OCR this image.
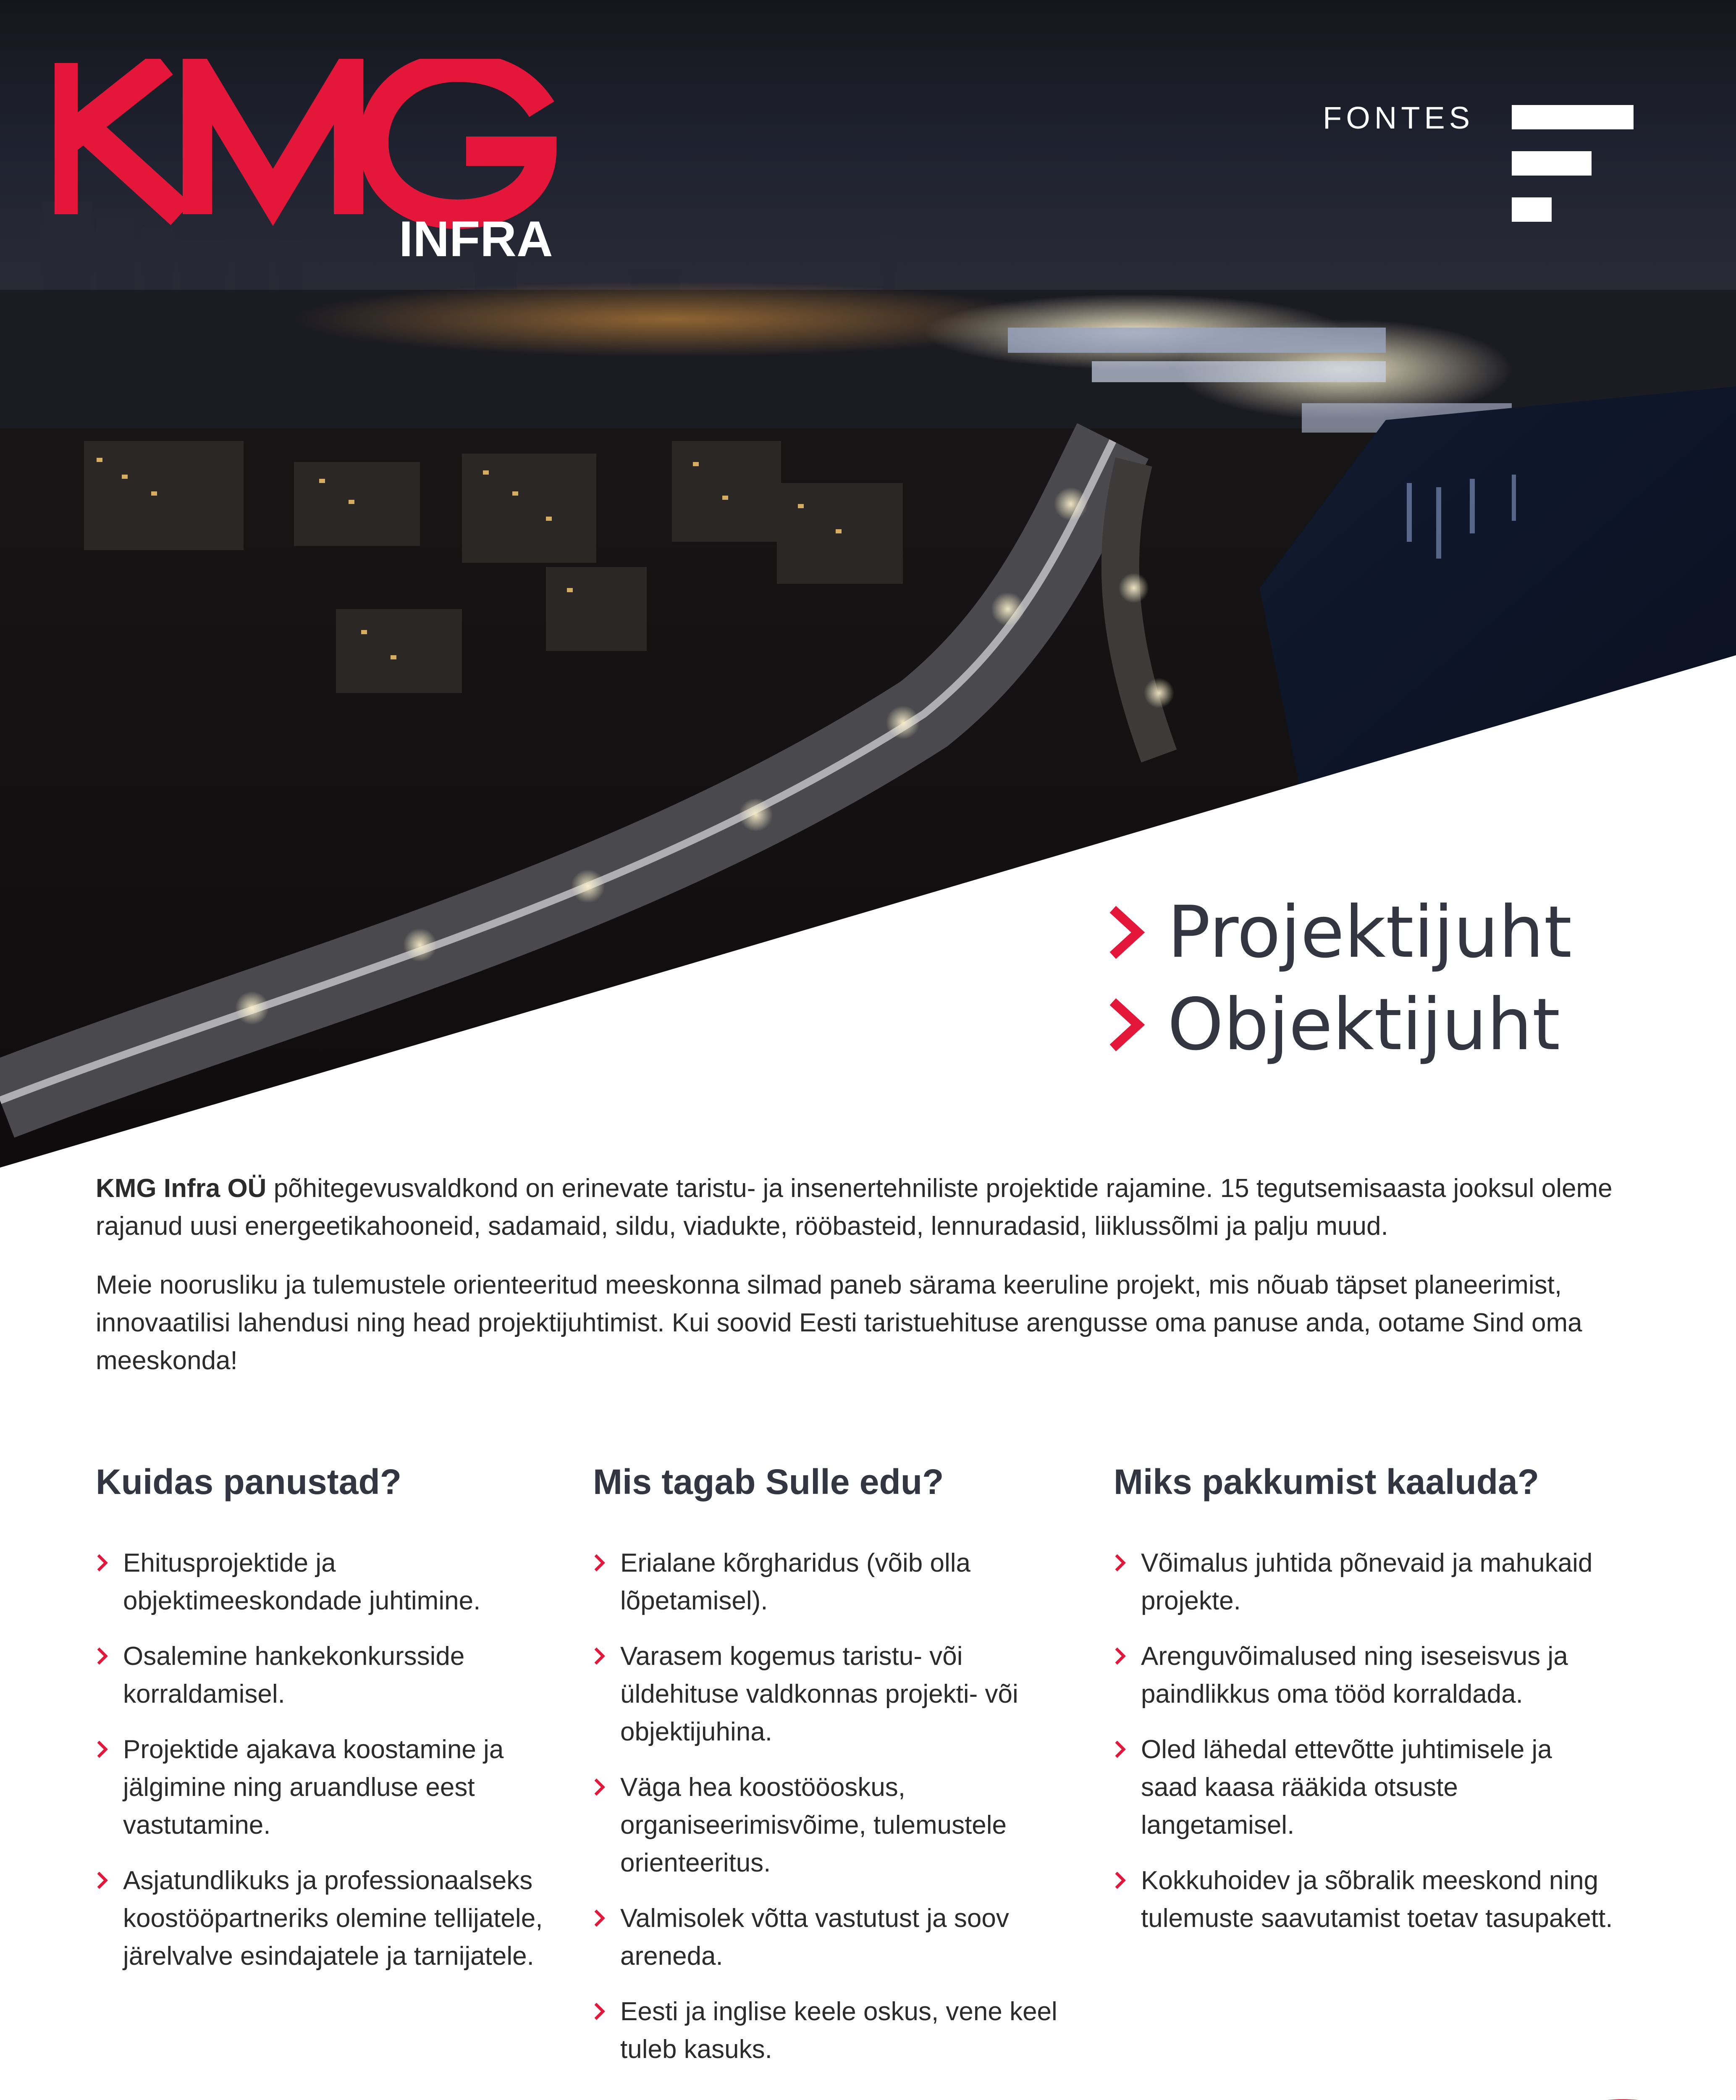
INFRA
FONTES
Projektijuht
Objektijuht

KMG Infra OÜ põhitegevusvaldkond on erinevate taristu- ja insenertehniliste projektide rajamine. 15 tegutsemisaasta jooksul oleme rajanud uusi energeetikahooneid, sadamaid, sildu, viadukte, rööbasteid, lennuradasid, liiklussõlmi ja palju muud.

Meie noorusliku ja tulemustele orienteeritud meeskonna silmad paneb särama keeruline projekt, mis nõuab täpset planeerimist, innovaatilisi lahendusi ning head projektijuhtimist. Kui soovid Eesti taristuehituse arengusse oma panuse anda, ootame Sind oma meeskonda!

Kuidas panustad?
Ehitusprojektide ja objektimeeskondade juhtimine.
Osalemine hankekonkursside korraldamisel.
Projektide ajakava koostamine ja jälgimine ning aruandluse eest vastutamine.
Asjatundlikuks ja professionaalseks koostööpartneriks olemine tellijatele, järelvalve esindajatele ja tarnijatele.
Mis tagab Sulle edu?
Erialane kõrgharidus (võib olla lõpetamisel).
Varasem kogemus taristu- või üldehituse valdkonnas projekti- või objektijuhina.
Väga hea koostööoskus, organiseerimisvõime, tulemustele orienteeritus.
Valmisolek võtta vastutust ja soov areneda.
Eesti ja inglise keele oskus, vene keel tuleb kasuks.
Miks pakkumist kaaluda?
Võimalus juhtida põnevaid ja mahukaid projekte.
Arenguvõimalused ning iseseisvus ja paindlikkus oma tööd korraldada.
Oled lähedal ettevõtte juhtimisele ja saad kaasa rääkida otsuste langetamisel.
Kokkuhoidev ja sõbralik meeskond ning tulemuste saavutamist toetav tasupakett.
